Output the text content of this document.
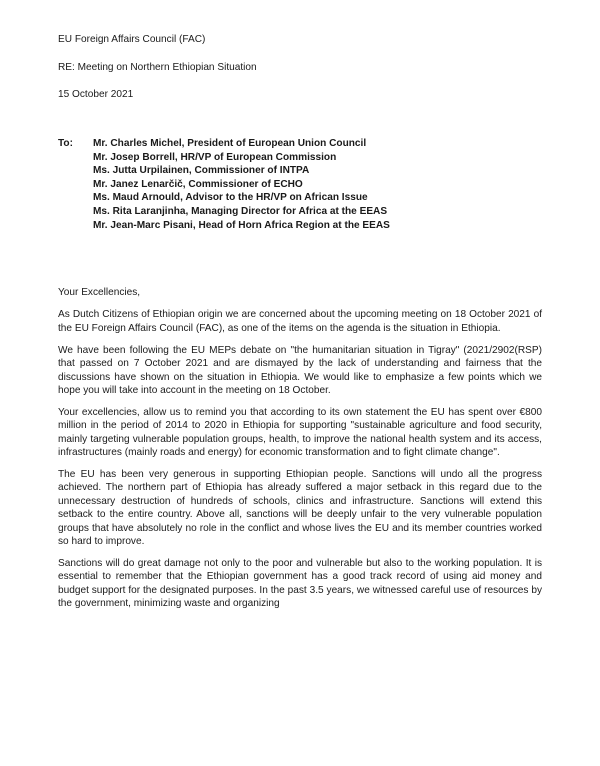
EU Foreign Affairs Council (FAC)

RE: Meeting on Northern Ethiopian Situation

15 October 2021

To: Mr. Charles Michel, President of European Union Council
Mr. Josep Borrell, HR/VP of European Commission
Ms. Jutta Urpilainen, Commissioner of INTPA
Mr. Janez Lenarčič, Commissioner of ECHO
Ms. Maud Arnould, Advisor to the HR/VP on African Issue
Ms. Rita Laranjinha, Managing Director for Africa at the EEAS
Mr. Jean-Marc Pisani, Head of Horn Africa Region at the EEAS

Your Excellencies,

As Dutch Citizens of Ethiopian origin we are concerned about the upcoming meeting on 18 October 2021 of the EU Foreign Affairs Council (FAC), as one of the items on the agenda is the situation in Ethiopia.

We have been following the EU MEPs debate on "the humanitarian situation in Tigray" (2021/2902(RSP) that passed on 7 October 2021 and are dismayed by the lack of understanding and fairness that the discussions have shown on the situation in Ethiopia. We would like to emphasize a few points which we hope you will take into account in the meeting on 18 October.

Your excellencies, allow us to remind you that according to its own statement the EU has spent over €800 million in the period of 2014 to 2020 in Ethiopia for supporting "sustainable agriculture and food security, mainly targeting vulnerable population groups, health, to improve the national health system and its access, infrastructures (mainly roads and energy) for economic transformation and to fight climate change".

The EU has been very generous in supporting Ethiopian people. Sanctions will undo all the progress achieved. The northern part of Ethiopia has already suffered a major setback in this regard due to the unnecessary destruction of hundreds of schools, clinics and infrastructure. Sanctions will extend this setback to the entire country. Above all, sanctions will be deeply unfair to the very vulnerable population groups that have absolutely no role in the conflict and whose lives the EU and its member countries worked so hard to improve.

Sanctions will do great damage not only to the poor and vulnerable but also to the working population. It is essential to remember that the Ethiopian government has a good track record of using aid money and budget support for the designated purposes. In the past 3.5 years, we witnessed careful use of resources by the government, minimizing waste and organizing
